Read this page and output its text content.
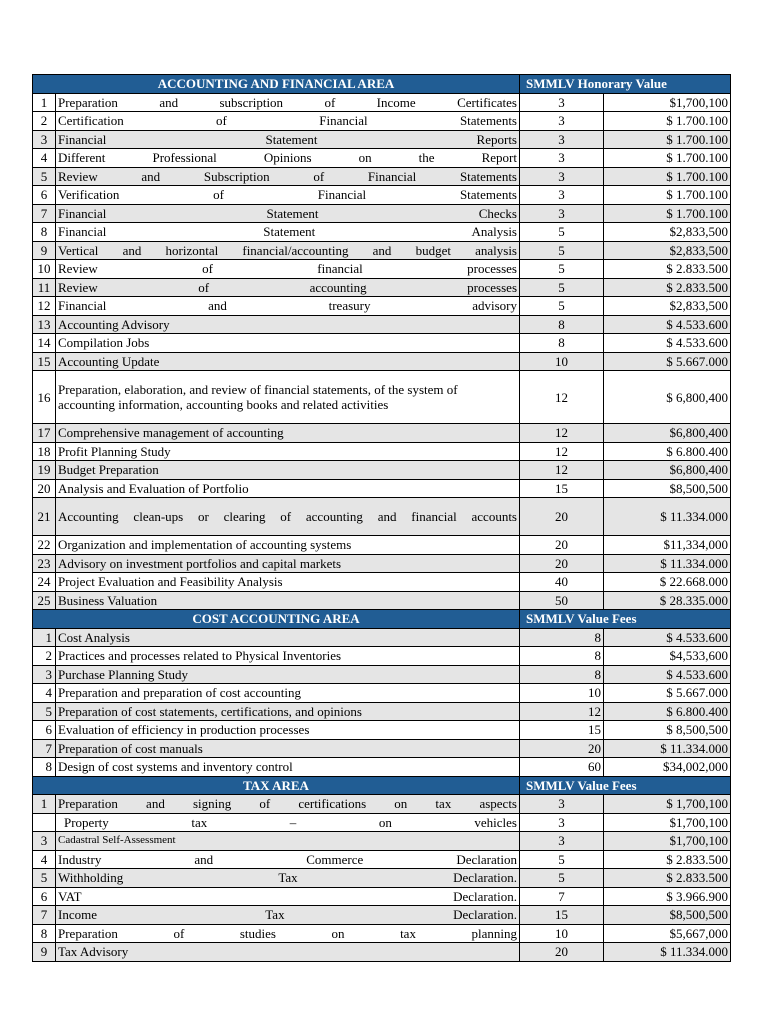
ACCOUNTING AND FINANCIAL AREA		SMMLV Honorary Value	
1	Preparation and subscription of Income Certificates	3	$1,700,100
2	Certification of Financial Statements	3	$ 1.700.100
3	Financial Statement Reports	3	$ 1.700.100
4	Different Professional Opinions on the Report	3	$ 1.700.100
5	Review and Subscription of Financial Statements	3	$ 1.700.100
6	Verification of Financial Statements	3	$ 1.700.100
7	Financial Statement Checks	3	$ 1.700.100
8	Financial Statement Analysis	5	$2,833,500
9	Vertical and horizontal financial/accounting and budget analysis	5	$2,833,500
10	Review of financial processes	5	$ 2.833.500
11	Review of accounting processes	5	$ 2.833.500
12	Financial and treasury advisory	5	$2,833,500
13	Accounting Advisory	8	$ 4.533.600
14	Compilation Jobs	8	$ 4.533.600
15	Accounting Update	10	$ 5.667.000
16	Preparation, elaboration, and review of financial statements, of the system of accounting information, accounting books and related activities	12	$ 6,800,400
17	Comprehensive management of accounting	12	$6,800,400
18	Profit Planning Study	12	$ 6.800.400
19	Budget Preparation	12	$6,800,400
20	Analysis and Evaluation of Portfolio	15	$8,500,500
21	Accounting clean-ups or clearing of accounting and financial accounts	20	$ 11.334.000
22	Organization and implementation of accounting systems	20	$11,334,000
23	Advisory on investment portfolios and capital markets	20	$ 11.334.000
24	Project Evaluation and Feasibility Analysis	40	$ 22.668.000
25	Business Valuation	50	$ 28.335.000
COST ACCOUNTING AREA		SMMLV Value Fees	
1	Cost Analysis	8	$ 4.533.600
2	Practices and processes related to Physical Inventories	8	$4,533,600
3	Purchase Planning Study	8	$ 4.533.600
4	Preparation and preparation of cost accounting	10	$ 5.667.000
5	Preparation of cost statements, certifications, and opinions	12	$ 6.800.400
6	Evaluation of efficiency in production processes	15	$ 8,500,500
7	Preparation of cost manuals	20	$ 11.334.000
8	Design of cost systems and inventory control	60	$34,002,000
TAX AREA		SMMLV Value Fees	
1	Preparation and signing of certifications on tax aspects	3	$ 1,700,100
	Property tax – on vehicles	3	$1,700,100
3	Cadastral Self-Assessment	3	$1,700,100
4	Industry and Commerce Declaration	5	$ 2.833.500
5	Withholding Tax Declaration.	5	$ 2.833.500
6	VAT Declaration.	7	$ 3.966.900
7	Income Tax Declaration.	15	$8,500,500
8	Preparation of studies on tax planning	10	$5,667,000
9	Tax Advisory	20	$ 11.334.000
